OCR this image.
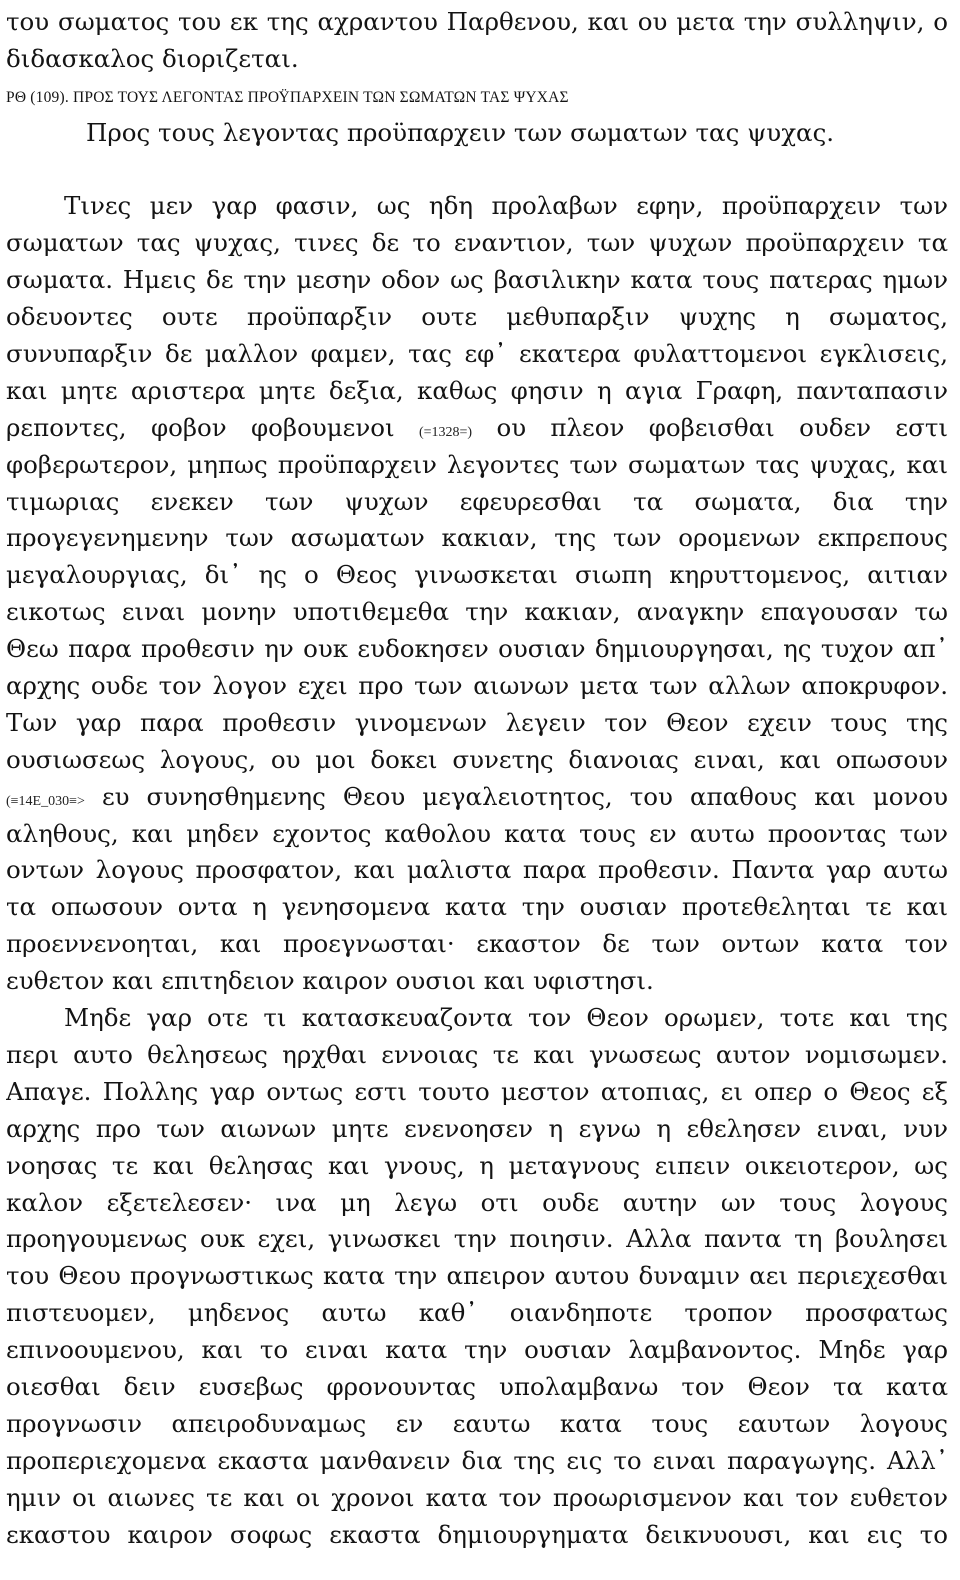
του σωματος του εκ της αχραντου Παρθενου, και ου μετα την συλληψιν, ο
διδασκαλος διοριζεται.
ΡΘ (109). ΠΡΟΣ ΤΟΥΣ ΛΕΓΟΝΤΑΣ ΠΡΟΫΠΑΡΧΕΙΝ ΤΩΝ ΣΩΜΑΤΩΝ ΤΑΣ ΨΥΧΑΣ
Προς τους λεγοντας προϋπαρχειν των σωματων τας ψυχας.
Τινες μεν γαρ φασιν, ως ηδη προλαβων εφην, προϋπαρχειν των
σωματων τας ψυχας, τινες δε το εναντιον, των ψυχων προϋπαρχειν τα
σωματα. Ημεις δε την μεσην οδον ως βασιλικην κατα τους πατερας ημων
οδευοντες ουτε προϋπαρξιν ουτε μεθυπαρξιν ψυχης η σωματος,
συνυπαρξιν δε μαλλον φαμεν, τας εφ᾽ εκατερα φυλαττομενοι εγκλισεις,
και μητε αριστερα μητε δεξια, καθως φησιν η αγια Γραφη, πανταπασιν
ρεποντες, φοβον φοβουμενοι (=1328=) ου πλεον φοβεισθαι ουδεν εστι
φοβερωτερον, μηπως προϋπαρχειν λεγοντες των σωματων τας ψυχας, και
τιμωριας ενεκεν των ψυχων εφευρεσθαι τα σωματα, δια την
προγεγενημενην των ασωματων κακιαν, της των ορομενων εκπρεπους
μεγαλουργιας, δι᾽ ης ο Θεος γινωσκεται σιωπη κηρυττομενος, αιτιαν
εικοτως ειναι μονην υποτιθεμεθα την κακιαν, αναγκην επαγουσαν τω
Θεω παρα προθεσιν ην ουκ ευδοκησεν ουσιαν δημιουργησαι, ης τυχον απ᾽
αρχης ουδε τον λογον εχει προ των αιωνων μετα των αλλων αποκρυφον.
Των γαρ παρα προθεσιν γινομενων λεγειν τον Θεον εχειν τους της
ουσιωσεως λογους, ου μοι δοκει συνετης διανοιας ειναι, και οπωσουν
(≡14E_030≡> ευ συνησθημενης Θεου μεγαλειοτητος, του απαθους και μονου
αληθους, και μηδεν εχοντος καθολου κατα τους εν αυτω προοντας των
οντων λογους προσφατον, και μαλιστα παρα προθεσιν. Παντα γαρ αυτω
τα οπωσουν οντα η γενησομενα κατα την ουσιαν προτεθεληται τε και
προεννενοηται, και προεγνωσται· εκαστον δε των οντων κατα τον
ευθετον και επιτηδειον καιρον ουσιοι και υφιστησι.
Μηδε γαρ οτε τι κατασκευαζοντα τον Θεον ορωμεν, τοτε και της
περι αυτο θελησεως ηρχθαι εννοιας τε και γνωσεως αυτον νομισωμεν.
Απαγε. Πολλης γαρ οντως εστι τουτο μεστον ατοπιας, ει οπερ ο Θεος εξ
αρχης προ των αιωνων μητε ενενοησεν η εγνω η εθελησεν ειναι, νυν
νοησας τε και θελησας και γνους, η μεταγνους ειπειν οικειοτερον, ως
καλον εξετελεσεν· ινα μη λεγω οτι ουδε αυτην ων τους λογους
προηγουμενως ουκ εχει, γινωσκει την ποιησιν. Αλλα παντα τη βουλησει
του Θεου προγνωστικως κατα την απειρον αυτου δυναμιν αει περιεχεσθαι
πιστευομεν, μηδενος αυτω καθ᾽ οιανδηποτε τροπον προσφατως
επινοουμενου, και το ειναι κατα την ουσιαν λαμβανοντος. Μηδε γαρ
οιεσθαι δειν ευσεβως φρονουντας υπολαμβανω τον Θεον τα κατα
προγνωσιν απειροδυναμως εν εαυτω κατα τους εαυτων λογους
προπεριεχομενα εκαστα μανθανειν δια της εις το ειναι παραγωγης. Αλλ᾽
ημιν οι αιωνες τε και οι χρονοι κατα τον προωρισμενον και τον ευθετον
εκαστου καιρον σοφως εκαστα δημιουργηματα δεικνυουσι, και εις το
